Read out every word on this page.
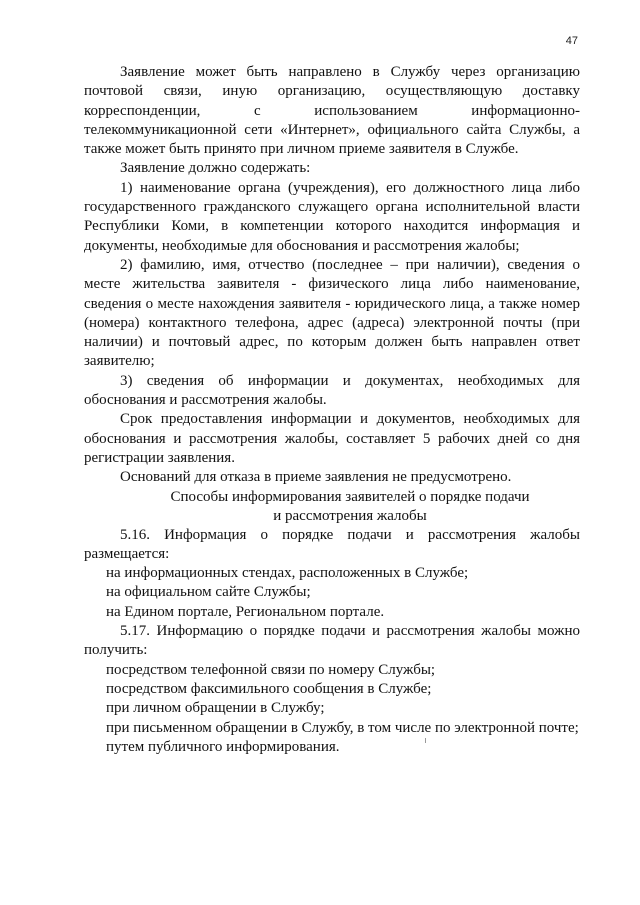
47

Заявление может быть направлено в Службу через организацию почтовой связи, иную организацию, осуществляющую доставку корреспонденции, с использованием информационно-телекоммуникационной сети «Интернет», официального сайта Службы, а также может быть принято при личном приеме заявителя в Службе.

Заявление должно содержать:

1) наименование органа (учреждения), его должностного лица либо государственного гражданского служащего органа исполнительной власти Республики Коми, в компетенции которого находится информация и документы, необходимые для обоснования и рассмотрения жалобы;

2) фамилию, имя, отчество (последнее – при наличии), сведения о месте жительства заявителя - физического лица либо наименование, сведения о месте нахождения заявителя - юридического лица, а также номер (номера) контактного телефона, адрес (адреса) электронной почты (при наличии) и почтовый адрес, по которым должен быть направлен ответ заявителю;

3) сведения об информации и документах, необходимых для обоснования и рассмотрения жалобы.

Срок предоставления информации и документов, необходимых для обоснования и рассмотрения жалобы, составляет 5 рабочих дней со дня регистрации заявления.

Оснований для отказа в приеме заявления не предусмотрено.

Способы информирования заявителей о порядке подачи
и рассмотрения жалобы

5.16. Информация о порядке подачи и рассмотрения жалобы размещается:

на информационных стендах, расположенных в Службе;

на официальном сайте Службы;

на Едином портале, Региональном портале.

5.17. Информацию о порядке подачи и рассмотрения жалобы можно получить:

посредством телефонной связи по номеру Службы;

посредством факсимильного сообщения в Службе;

при личном обращении в Службу;

при письменном обращении в Службу, в том числе по электронной почте;

путем публичного информирования.
